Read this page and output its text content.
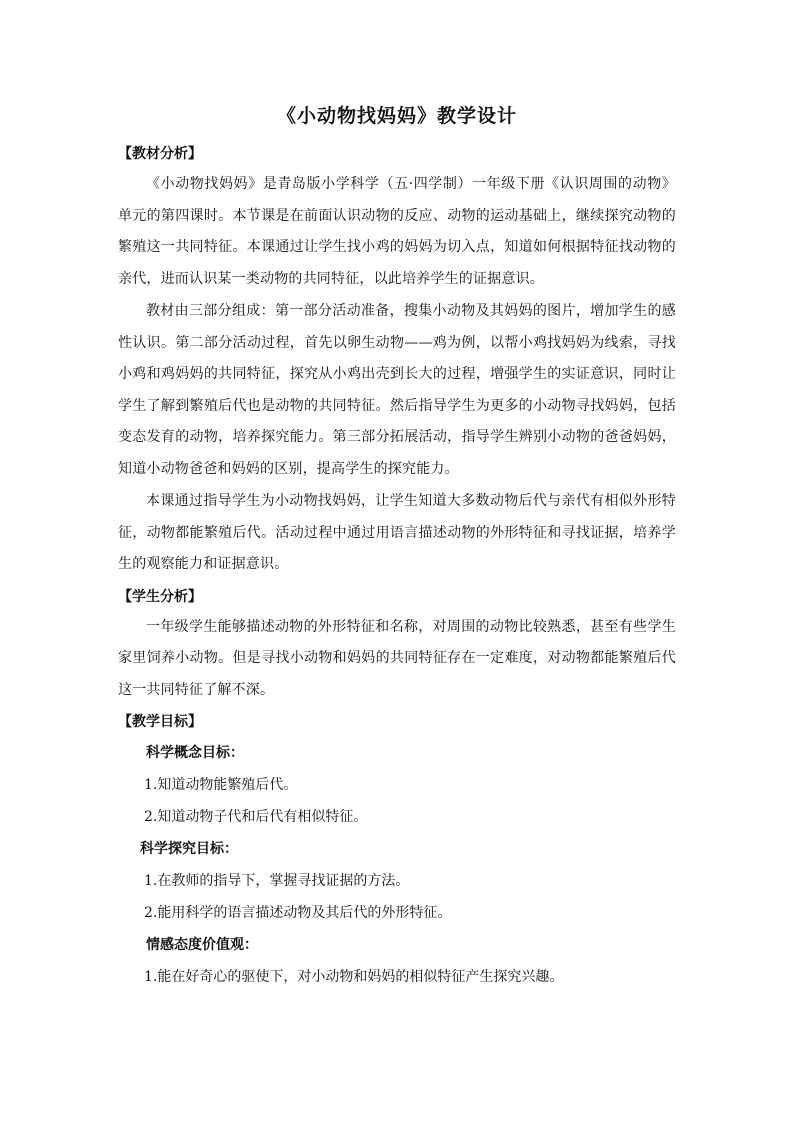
《小动物找妈妈》教学设计

【教材分析】

《小动物找妈妈》是青岛版小学科学（五·四学制）一年级下册《认识周围的动物》单元的第四课时。本节课是在前面认识动物的反应、动物的运动基础上，继续探究动物的繁殖这一共同特征。本课通过让学生找小鸡的妈妈为切入点，知道如何根据特征找动物的亲代，进而认识某一类动物的共同特征，以此培养学生的证据意识。

教材由三部分组成：第一部分活动准备，搜集小动物及其妈妈的图片，增加学生的感性认识。第二部分活动过程，首先以卵生动物——鸡为例，以帮小鸡找妈妈为线索，寻找小鸡和鸡妈妈的共同特征，探究从小鸡出壳到长大的过程，增强学生的实证意识，同时让学生了解到繁殖后代也是动物的共同特征。然后指导学生为更多的小动物寻找妈妈，包括变态发育的动物，培养探究能力。第三部分拓展活动，指导学生辨别小动物的爸爸妈妈，知道小动物爸爸和妈妈的区别，提高学生的探究能力。

本课通过指导学生为小动物找妈妈，让学生知道大多数动物后代与亲代有相似外形特征，动物都能繁殖后代。活动过程中通过用语言描述动物的外形特征和寻找证据，培养学生的观察能力和证据意识。

【学生分析】

一年级学生能够描述动物的外形特征和名称，对周围的动物比较熟悉，甚至有些学生家里饲养小动物。但是寻找小动物和妈妈的共同特征存在一定难度，对动物都能繁殖后代这一共同特征了解不深。

【教学目标】

科学概念目标：

1.知道动物能繁殖后代。

2.知道动物子代和后代有相似特征。

科学探究目标：

1.在教师的指导下，掌握寻找证据的方法。

2.能用科学的语言描述动物及其后代的外形特征。

情感态度价值观：

1.能在好奇心的驱使下，对小动物和妈妈的相似特征产生探究兴趣。
